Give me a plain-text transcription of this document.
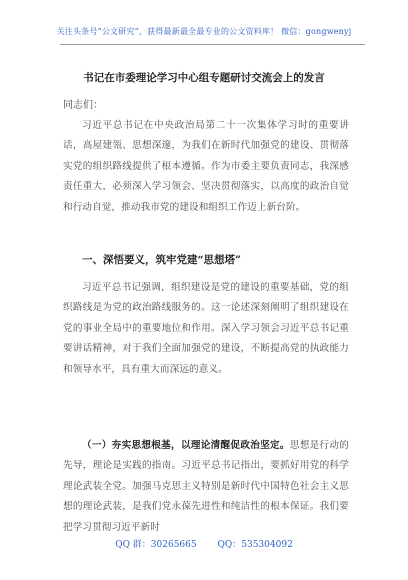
关注头条号“公文研究”，获得最新最全最专业的公文资料库！ 微信：gongwenyj
书记在市委理论学习中心组专题研讨交流会上的发言
同志们：
习近平总书记在中央政治局第二十一次集体学习时的重要讲话，高屋建瓴、思想深邃，为我们在新时代加强党的建设、贯彻落实党的组织路线提供了根本遵循。作为市委主要负责同志，我深感责任重大，必须深入学习领会、坚决贯彻落实，以高度的政治自觉和行动自觉，推动我市党的建设和组织工作迈上新台阶。
一、深悟要义，筑牢党建“思想塔”
习近平总书记强调，组织建设是党的建设的重要基础，党的组织路线是为党的政治路线服务的。这一论述深刻阐明了组织建设在党的事业全局中的重要地位和作用。深入学习领会习近平总书记重要讲话精神，对于我们全面加强党的建设，不断提高党的执政能力和领导水平，具有重大而深远的意义。
（一）夯实思想根基，以理论清醒促政治坚定。思想是行动的先导，理论是实践的指南。习近平总书记指出，要抓好用党的科学理论武装全党。加强马克思主义特别是新时代中国特色社会主义思想的理论武装，是我们党永葆先进性和纯洁性的根本保证。我们要把学习贯彻习近平新时
QQ 群：30265665 QQ：535304092
